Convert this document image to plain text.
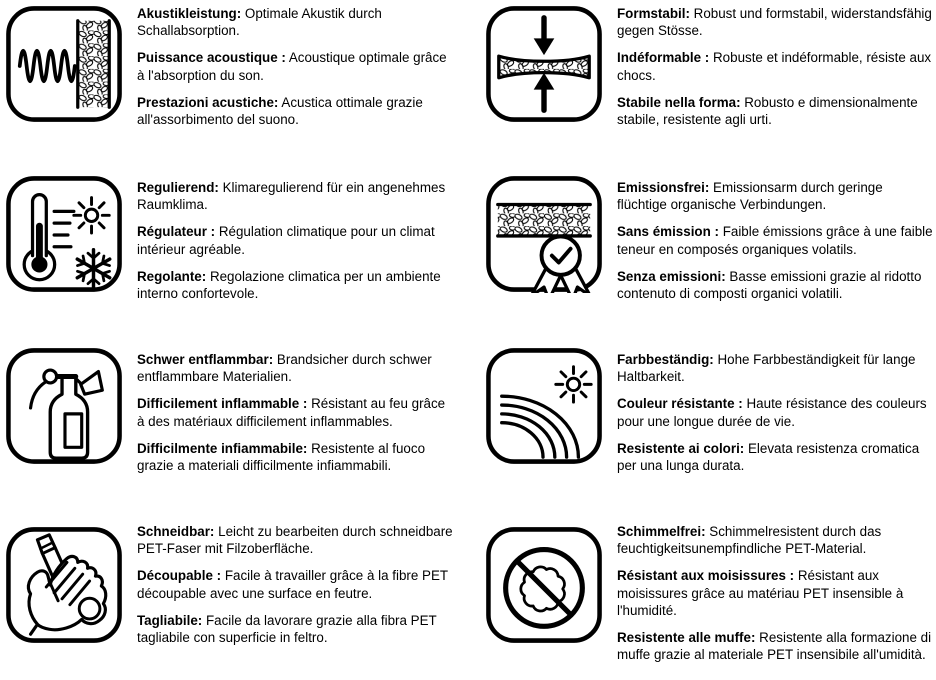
Akustikleistung: Optimale Akustik durch Schallabsorption.

Puissance acoustique : Acoustique optimale grâce à l'absorption du son.

Prestazioni acustiche: Acustica ottimale grazie all'assorbimento del suono.

Formstabil: Robust und formstabil, widerstandsfähig gegen Stösse.

Indéformable : Robuste et indéformable, résiste aux chocs.

Stabile nella forma: Robusto e dimensionalmente stabile, resistente agli urti.

Regulierend: Klimaregulierend für ein angenehmes Raumklima.

Régulateur : Régulation climatique pour un climat intérieur agréable.

Regolante: Regolazione climatica per un ambiente interno confortevole.

Emissionsfrei: Emissionsarm durch geringe flüchtige organische Verbindungen.

Sans émission : Faible émissions grâce à une faible teneur en composés organiques volatils.

Senza emissioni: Basse emissioni grazie al ridotto contenuto di composti organici volatili.

Schwer entflammbar: Brandsicher durch schwer entflammbare Materialien.

Difficilement inflammable : Résistant au feu grâce à des matériaux difficilement inflammables.

Difficilmente infiammabile: Resistente al fuoco grazie a materiali difficilmente infiammabili.

Farbbeständig: Hohe Farbbeständigkeit für lange Haltbarkeit.

Couleur résistante : Haute résistance des couleurs pour une longue durée de vie.

Resistente ai colori: Elevata resistenza cromatica per una lunga durata.

Schneidbar: Leicht zu bearbeiten durch schneidbare PET-Faser mit Filzoberfläche.

Découpable : Facile à travailler grâce à la fibre PET découpable avec une surface en feutre.

Tagliabile: Facile da lavorare grazie alla fibra PET tagliabile con superficie in feltro.

Schimmelfrei: Schimmelresistent durch das feuchtigkeitsunempfindliche PET-Material.

Résistant aux moisissures : Résistant aux moisissures grâce au matériau PET insensible à l'humidité.

Resistente alle muffe: Resistente alla formazione di muffe grazie al materiale PET insensibile all'umidità.
